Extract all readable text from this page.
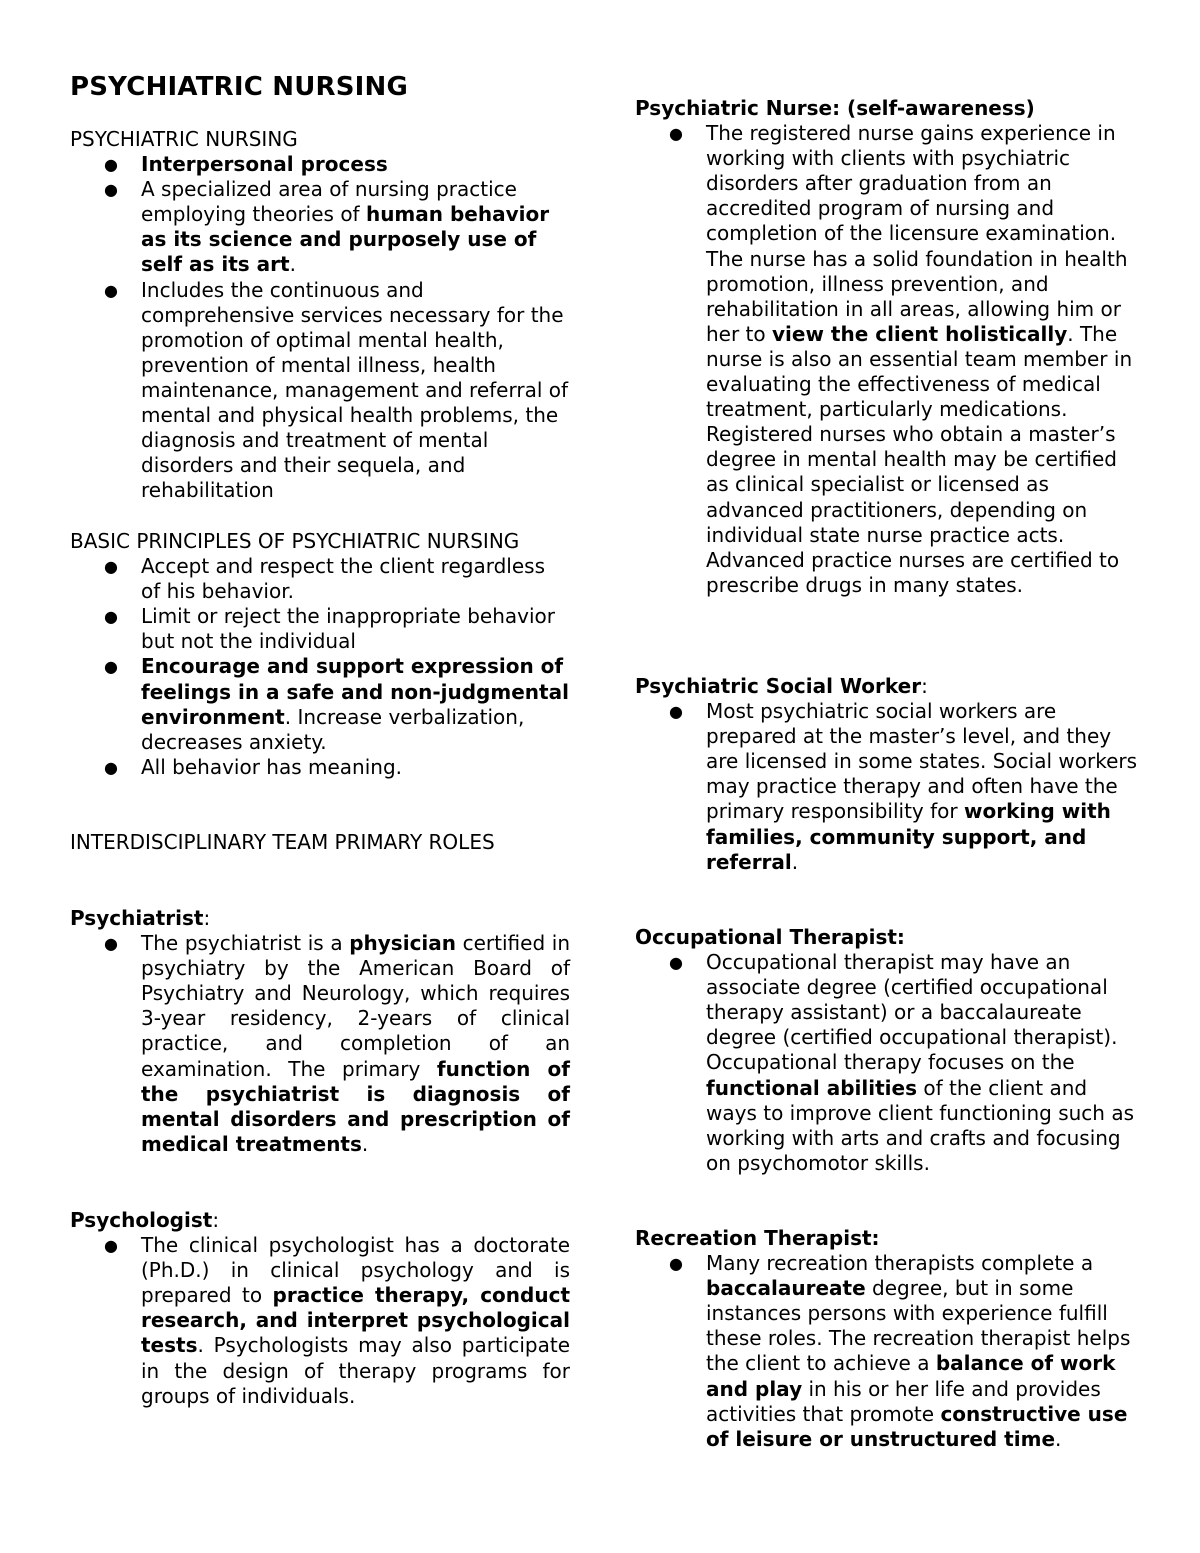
PSYCHIATRIC NURSING

PSYCHIATRIC NURSING

● Interpersonal process
● A specialized area of nursing practice employing theories of human behavior as its science and purposely use of self as its art.
● Includes the continuous and comprehensive services necessary for the promotion of optimal mental health, prevention of mental illness, health maintenance, management and referral of mental and physical health problems, the diagnosis and treatment of mental disorders and their sequela, and rehabilitation

BASIC PRINCIPLES OF PSYCHIATRIC NURSING

● Accept and respect the client regardless of his behavior.
● Limit or reject the inappropriate behavior but not the individual
● Encourage and support expression of feelings in a safe and non-judgmental environment. Increase verbalization, decreases anxiety.
● All behavior has meaning.

INTERDISCIPLINARY TEAM PRIMARY ROLES

Psychiatrist:

● The psychiatrist is a physician certified in psychiatry by the American Board of Psychiatry and Neurology, which requires 3-year residency, 2-years of clinical practice, and completion of an examination. The primary function of the psychiatrist is diagnosis of mental disorders and prescription of medical treatments.

Psychologist:

● The clinical psychologist has a doctorate (Ph.D.) in clinical psychology and is prepared to practice therapy, conduct research, and interpret psychological tests. Psychologists may also participate in the design of therapy programs for groups of individuals.

Psychiatric Nurse: (self-awareness)

● The registered nurse gains experience in working with clients with psychiatric disorders after graduation from an accredited program of nursing and completion of the licensure examination. The nurse has a solid foundation in health promotion, illness prevention, and rehabilitation in all areas, allowing him or her to view the client holistically. The nurse is also an essential team member in evaluating the effectiveness of medical treatment, particularly medications. Registered nurses who obtain a master’s degree in mental health may be certified as clinical specialist or licensed as advanced practitioners, depending on individual state nurse practice acts. Advanced practice nurses are certified to prescribe drugs in many states.

Psychiatric Social Worker:

● Most psychiatric social workers are prepared at the master’s level, and they are licensed in some states. Social workers may practice therapy and often have the primary responsibility for working with families, community support, and referral.

Occupational Therapist:

● Occupational therapist may have an associate degree (certified occupational therapy assistant) or a baccalaureate degree (certified occupational therapist). Occupational therapy focuses on the functional abilities of the client and ways to improve client functioning such as working with arts and crafts and focusing on psychomotor skills.

Recreation Therapist:

● Many recreation therapists complete a baccalaureate degree, but in some instances persons with experience fulfill these roles. The recreation therapist helps the client to achieve a balance of work and play in his or her life and provides activities that promote constructive use of leisure or unstructured time.
